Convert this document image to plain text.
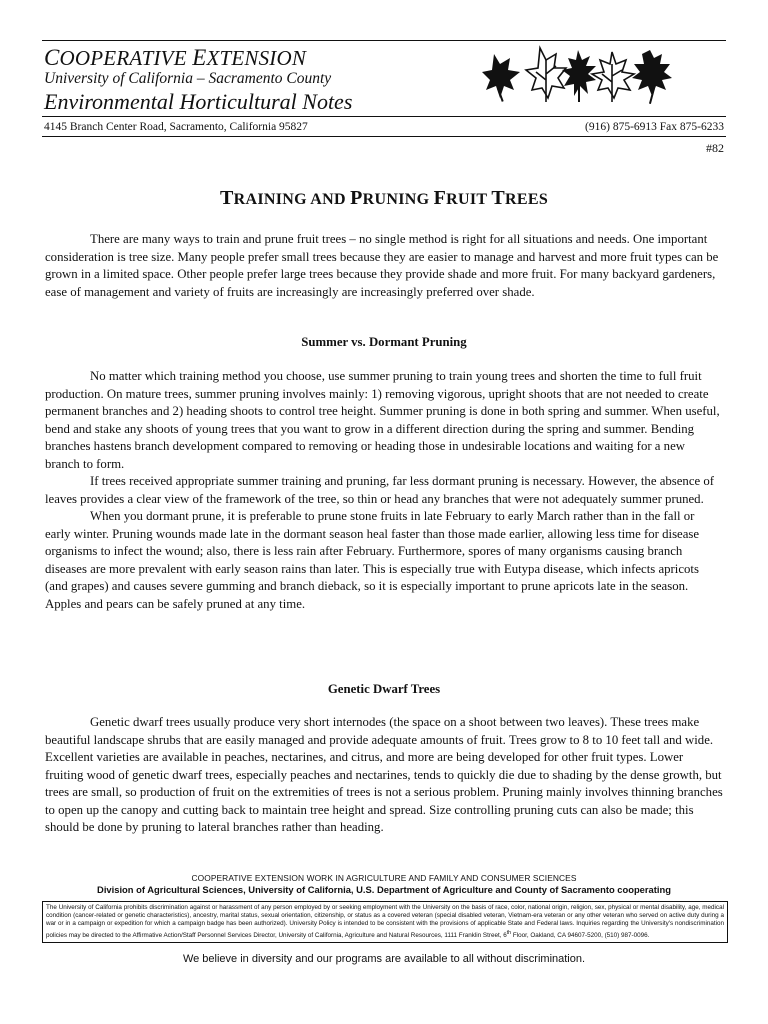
COOPERATIVE EXTENSION
University of California – Sacramento County
Environmental Horticultural Notes
4145 Branch Center Road, Sacramento, California 95827	(916) 875-6913 Fax 875-6233
#82
TRAINING AND PRUNING FRUIT TREES

There are many ways to train and prune fruit trees – no single method is right for all situations and needs. One important consideration is tree size. Many people prefer small trees because they are easier to manage and harvest and more fruit types can be grown in a limited space. Other people prefer large trees because they provide shade and more fruit. For many backyard gardeners, ease of management and variety of fruits are increasingly are increasingly preferred over shade.

Summer vs. Dormant Pruning

No matter which training method you choose, use summer pruning to train young trees and shorten the time to full fruit production. On mature trees, summer pruning involves mainly: 1) removing vigorous, upright shoots that are not needed to create permanent branches and 2) heading shoots to control tree height. Summer pruning is done in both spring and summer. When useful, bend and stake any shoots of young trees that you want to grow in a different direction during the spring and summer. Bending branches hastens branch development compared to removing or heading those in undesirable locations and waiting for a new branch to form.

If trees received appropriate summer training and pruning, far less dormant pruning is necessary. However, the absence of leaves provides a clear view of the framework of the tree, so thin or head any branches that were not adequately summer pruned.

When you dormant prune, it is preferable to prune stone fruits in late February to early March rather than in the fall or early winter. Pruning wounds made late in the dormant season heal faster than those made earlier, allowing less time for disease organisms to infect the wound; also, there is less rain after February. Furthermore, spores of many organisms causing branch diseases are more prevalent with early season rains than later. This is especially true with Eutypa disease, which infects apricots (and grapes) and causes severe gumming and branch dieback, so it is especially important to prune apricots late in the season. Apples and pears can be safely pruned at any time.

Genetic Dwarf Trees

Genetic dwarf trees usually produce very short internodes (the space on a shoot between two leaves). These trees make beautiful landscape shrubs that are easily managed and provide adequate amounts of fruit. Trees grow to 8 to 10 feet tall and wide. Excellent varieties are available in peaches, nectarines, and citrus, and more are being developed for other fruit types. Lower fruiting wood of genetic dwarf trees, especially peaches and nectarines, tends to quickly die due to shading by the dense growth, but trees are small, so production of fruit on the extremities of trees is not a serious problem. Pruning mainly involves thinning branches to open up the canopy and cutting back to maintain tree height and spread. Size controlling pruning cuts can also be made; this should be done by pruning to lateral branches rather than heading.

COOPERATIVE EXTENSION WORK IN AGRICULTURE AND FAMILY AND CONSUMER SCIENCES
Division of Agricultural Sciences, University of California, U.S. Department of Agriculture and County of Sacramento cooperating
The University of California prohibits discrimination against or harassment of any person employed by or seeking employment with the University on the basis of race, color, national origin, religion, sex, physical or mental disability, age, medical condition (cancer-related or genetic characteristics), ancestry, marital status, sexual orientation, citizenship, or status as a covered veteran (special disabled veteran, Vietnam-era veteran or any other veteran who served on active duty during a war or in a campaign or expedition for which a campaign badge has been authorized). University Policy is intended to be consistent with the provisions of applicable State and Federal laws. Inquiries regarding the University's nondiscrimination policies may be directed to the Affirmative Action/Staff Personnel Services Director, University of California, Agriculture and Natural Resources, 1111 Franklin Street, 6th Floor, Oakland, CA 94607-5200, (510) 987-0096.
We believe in diversity and our programs are available to all without discrimination.
